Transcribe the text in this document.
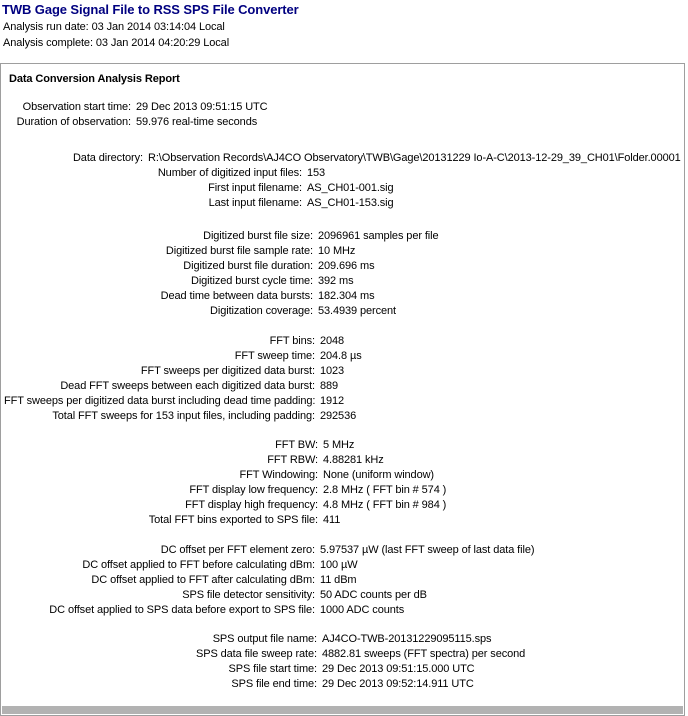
TWB Gage Signal File to RSS SPS File Converter
Analysis run date: 03 Jan 2014 03:14:04 Local
Analysis complete: 03 Jan 2014 04:20:29 Local
Data Conversion Analysis Report
Observation start time : 29 Dec 2013 09:51:15 UTC
Duration of observation : 59.976 real-time seconds
Data directory : R:\Observation Records\AJ4CO Observatory\TWB\Gage\20131229 Io-A-C\2013-12-29_39_CH01\Folder.00001
Number of digitized input files : 153
First input filename : AS_CH01-001.sig
Last input filename : AS_CH01-153.sig
Digitized burst file size : 2096961 samples per file
Digitized burst file sample rate : 10 MHz
Digitized burst file duration : 209.696 ms
Digitized burst cycle time : 392 ms
Dead time between data bursts : 182.304 ms
Digitization coverage : 53.4939 percent
FFT bins : 2048
FFT sweep time : 204.8 µs
FFT sweeps per digitized data burst : 1023
Dead FFT sweeps between each digitized data burst : 889
FFT sweeps per digitized data burst including dead time padding : 1912
Total FFT sweeps for 153 input files, including padding : 292536
FFT BW : 5 MHz
FFT RBW : 4.88281 kHz
FFT Windowing : None (uniform window)
FFT display low frequency : 2.8 MHz ( FFT bin # 574 )
FFT display high frequency : 4.8 MHz ( FFT bin # 984 )
Total FFT bins exported to SPS file : 411
DC offset per FFT element zero : 5.97537 µW (last FFT sweep of last data file)
DC offset applied to FFT before calculating dBm : 100 µW
DC offset applied to FFT after calculating dBm : 11 dBm
SPS file detector sensitivity : 50 ADC counts per dB
DC offset applied to SPS data before export to SPS file : 1000 ADC counts
SPS output file name : AJ4CO-TWB-20131229095115.sps
SPS data file sweep rate : 4882.81 sweeps (FFT spectra) per second
SPS file start time : 29 Dec 2013 09:51:15.000 UTC
SPS file end time : 29 Dec 2013 09:52:14.911 UTC
